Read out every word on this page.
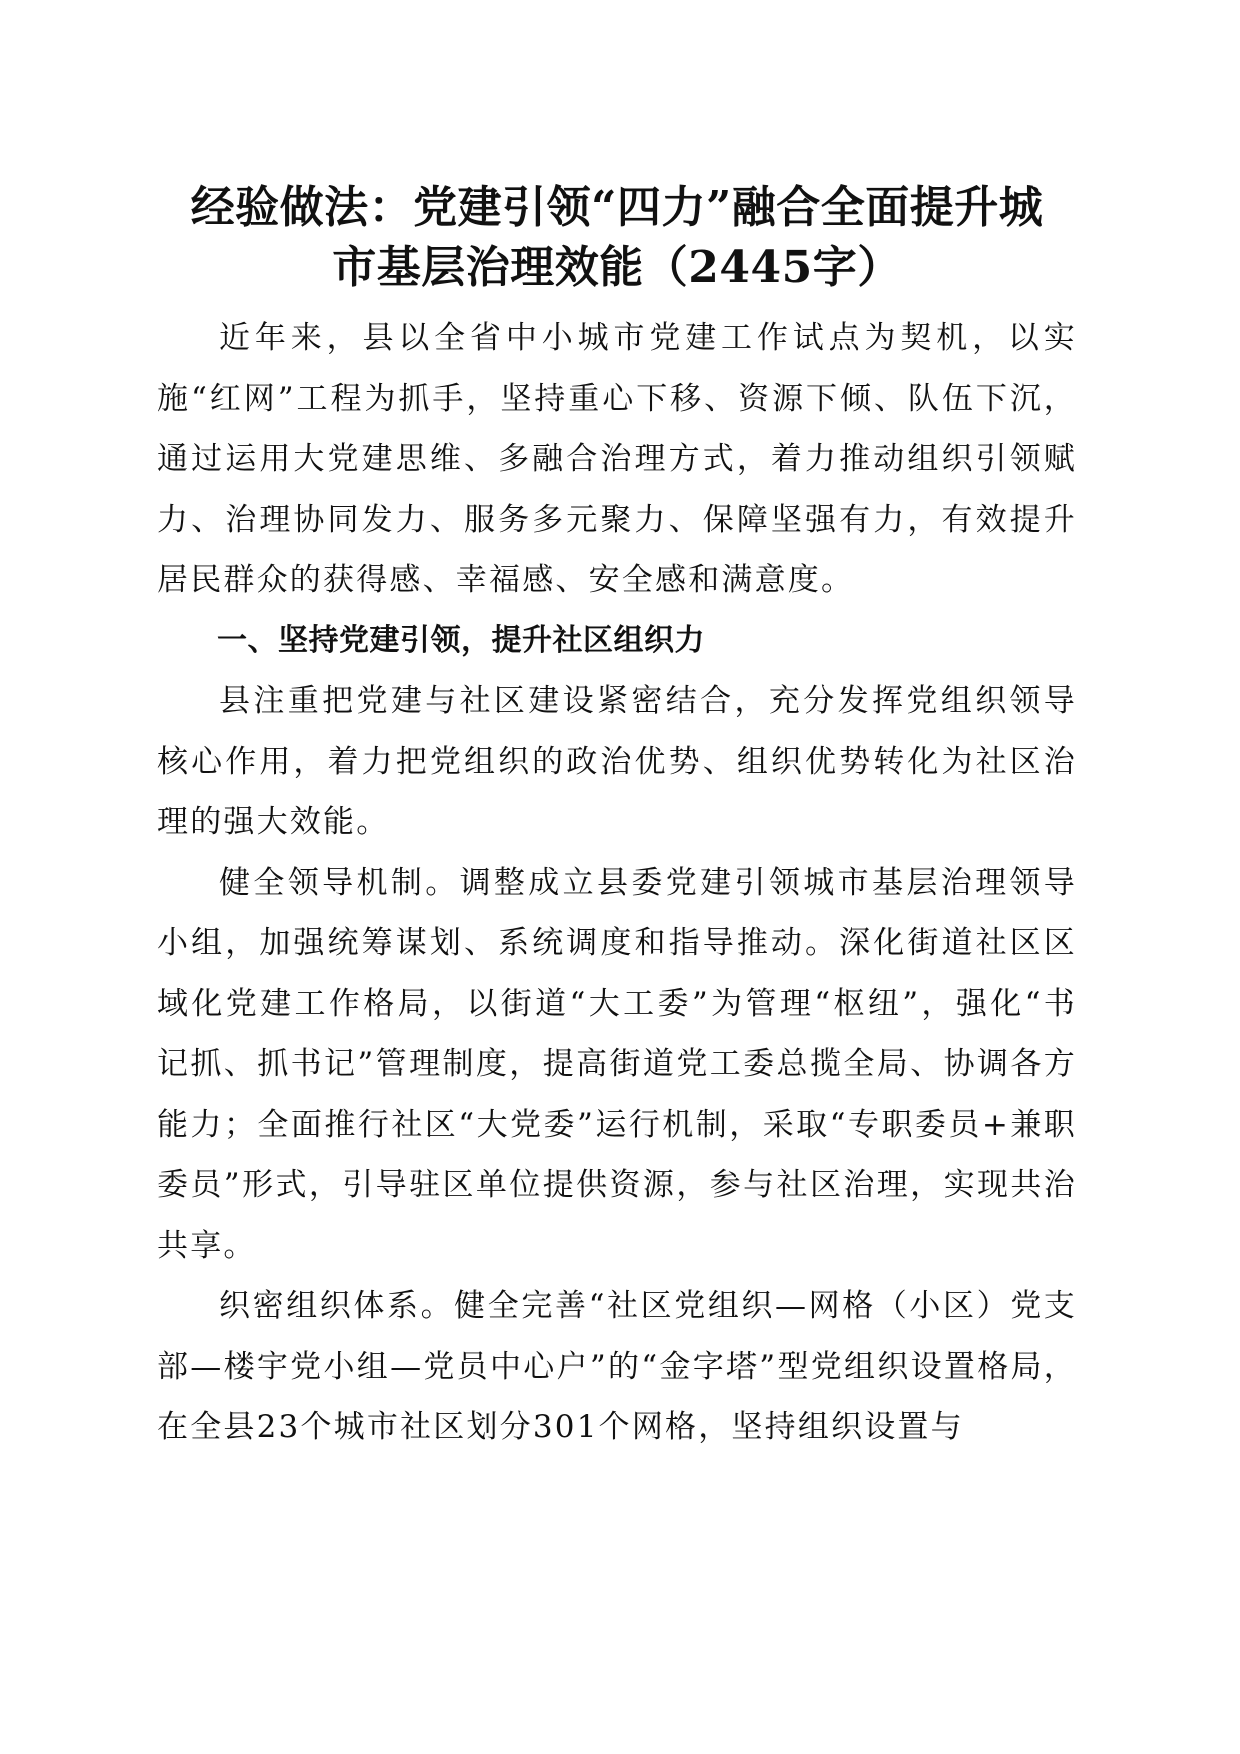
经验做法：党建引领“四力”融合全面提升城
市基层治理效能（2445字）

近年来，县以全省中小城市党建工作试点为契机，以实施“红网”工程为抓手，坚持重心下移、资源下倾、队伍下沉，通过运用大党建思维、多融合治理方式，着力推动组织引领赋力、治理协同发力、服务多元聚力、保障坚强有力，有效提升居民群众的获得感、幸福感、安全感和满意度。

一、坚持党建引领，提升社区组织力

县注重把党建与社区建设紧密结合，充分发挥党组织领导核心作用，着力把党组织的政治优势、组织优势转化为社区治理的强大效能。

健全领导机制。调整成立县委党建引领城市基层治理领导小组，加强统筹谋划、系统调度和指导推动。深化街道社区区域化党建工作格局，以街道“大工委”为管理“枢纽”，强化“书记抓、抓书记”管理制度，提高街道党工委总揽全局、协调各方能力；全面推行社区“大党委”运行机制，采取“专职委员+兼职委员”形式，引导驻区单位提供资源，参与社区治理，实现共治共享。

织密组织体系。健全完善“社区党组织—网格（小区）党支部—楼宇党小组—党员中心户”的“金字塔”型党组织设置格局，在全县23个城市社区划分301个网格，坚持组织设置与
